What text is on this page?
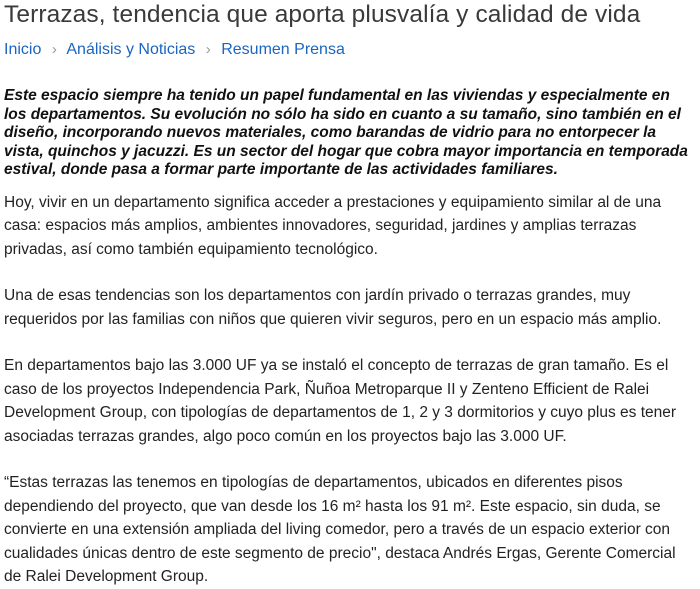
Terrazas, tendencia que aporta plusvalía y calidad de vida
Inicio › Análisis y Noticias › Resumen Prensa

Este espacio siempre ha tenido un papel fundamental en las viviendas y especialmente en los departamentos. Su evolución no sólo ha sido en cuanto a su tamaño, sino también en el diseño, incorporando nuevos materiales, como barandas de vidrio para no entorpecer la vista, quinchos y jacuzzi. Es un sector del hogar que cobra mayor importancia en temporada estival, donde pasa a formar parte importante de las actividades familiares.

Hoy, vivir en un departamento significa acceder a prestaciones y equipamiento similar al de una casa: espacios más amplios, ambientes innovadores, seguridad, jardines y amplias terrazas privadas, así como también equipamiento tecnológico.

Una de esas tendencias son los departamentos con jardín privado o terrazas grandes, muy requeridos por las familias con niños que quieren vivir seguros, pero en un espacio más amplio.

En departamentos bajo las 3.000 UF ya se instaló el concepto de terrazas de gran tamaño. Es el caso de los proyectos Independencia Park, Ñuñoa Metroparque II y Zenteno Efficient de Ralei Development Group, con tipologías de departamentos de 1, 2 y 3 dormitorios y cuyo plus es tener asociadas terrazas grandes, algo poco común en los proyectos bajo las 3.000 UF.

“Estas terrazas las tenemos en tipologías de departamentos, ubicados en diferentes pisos dependiendo del proyecto, que van desde los 16 m² hasta los 91 m². Este espacio, sin duda, se convierte en una extensión ampliada del living comedor, pero a través de un espacio exterior con cualidades únicas dentro de este segmento de precio", destaca Andrés Ergas, Gerente Comercial de Ralei Development Group.
